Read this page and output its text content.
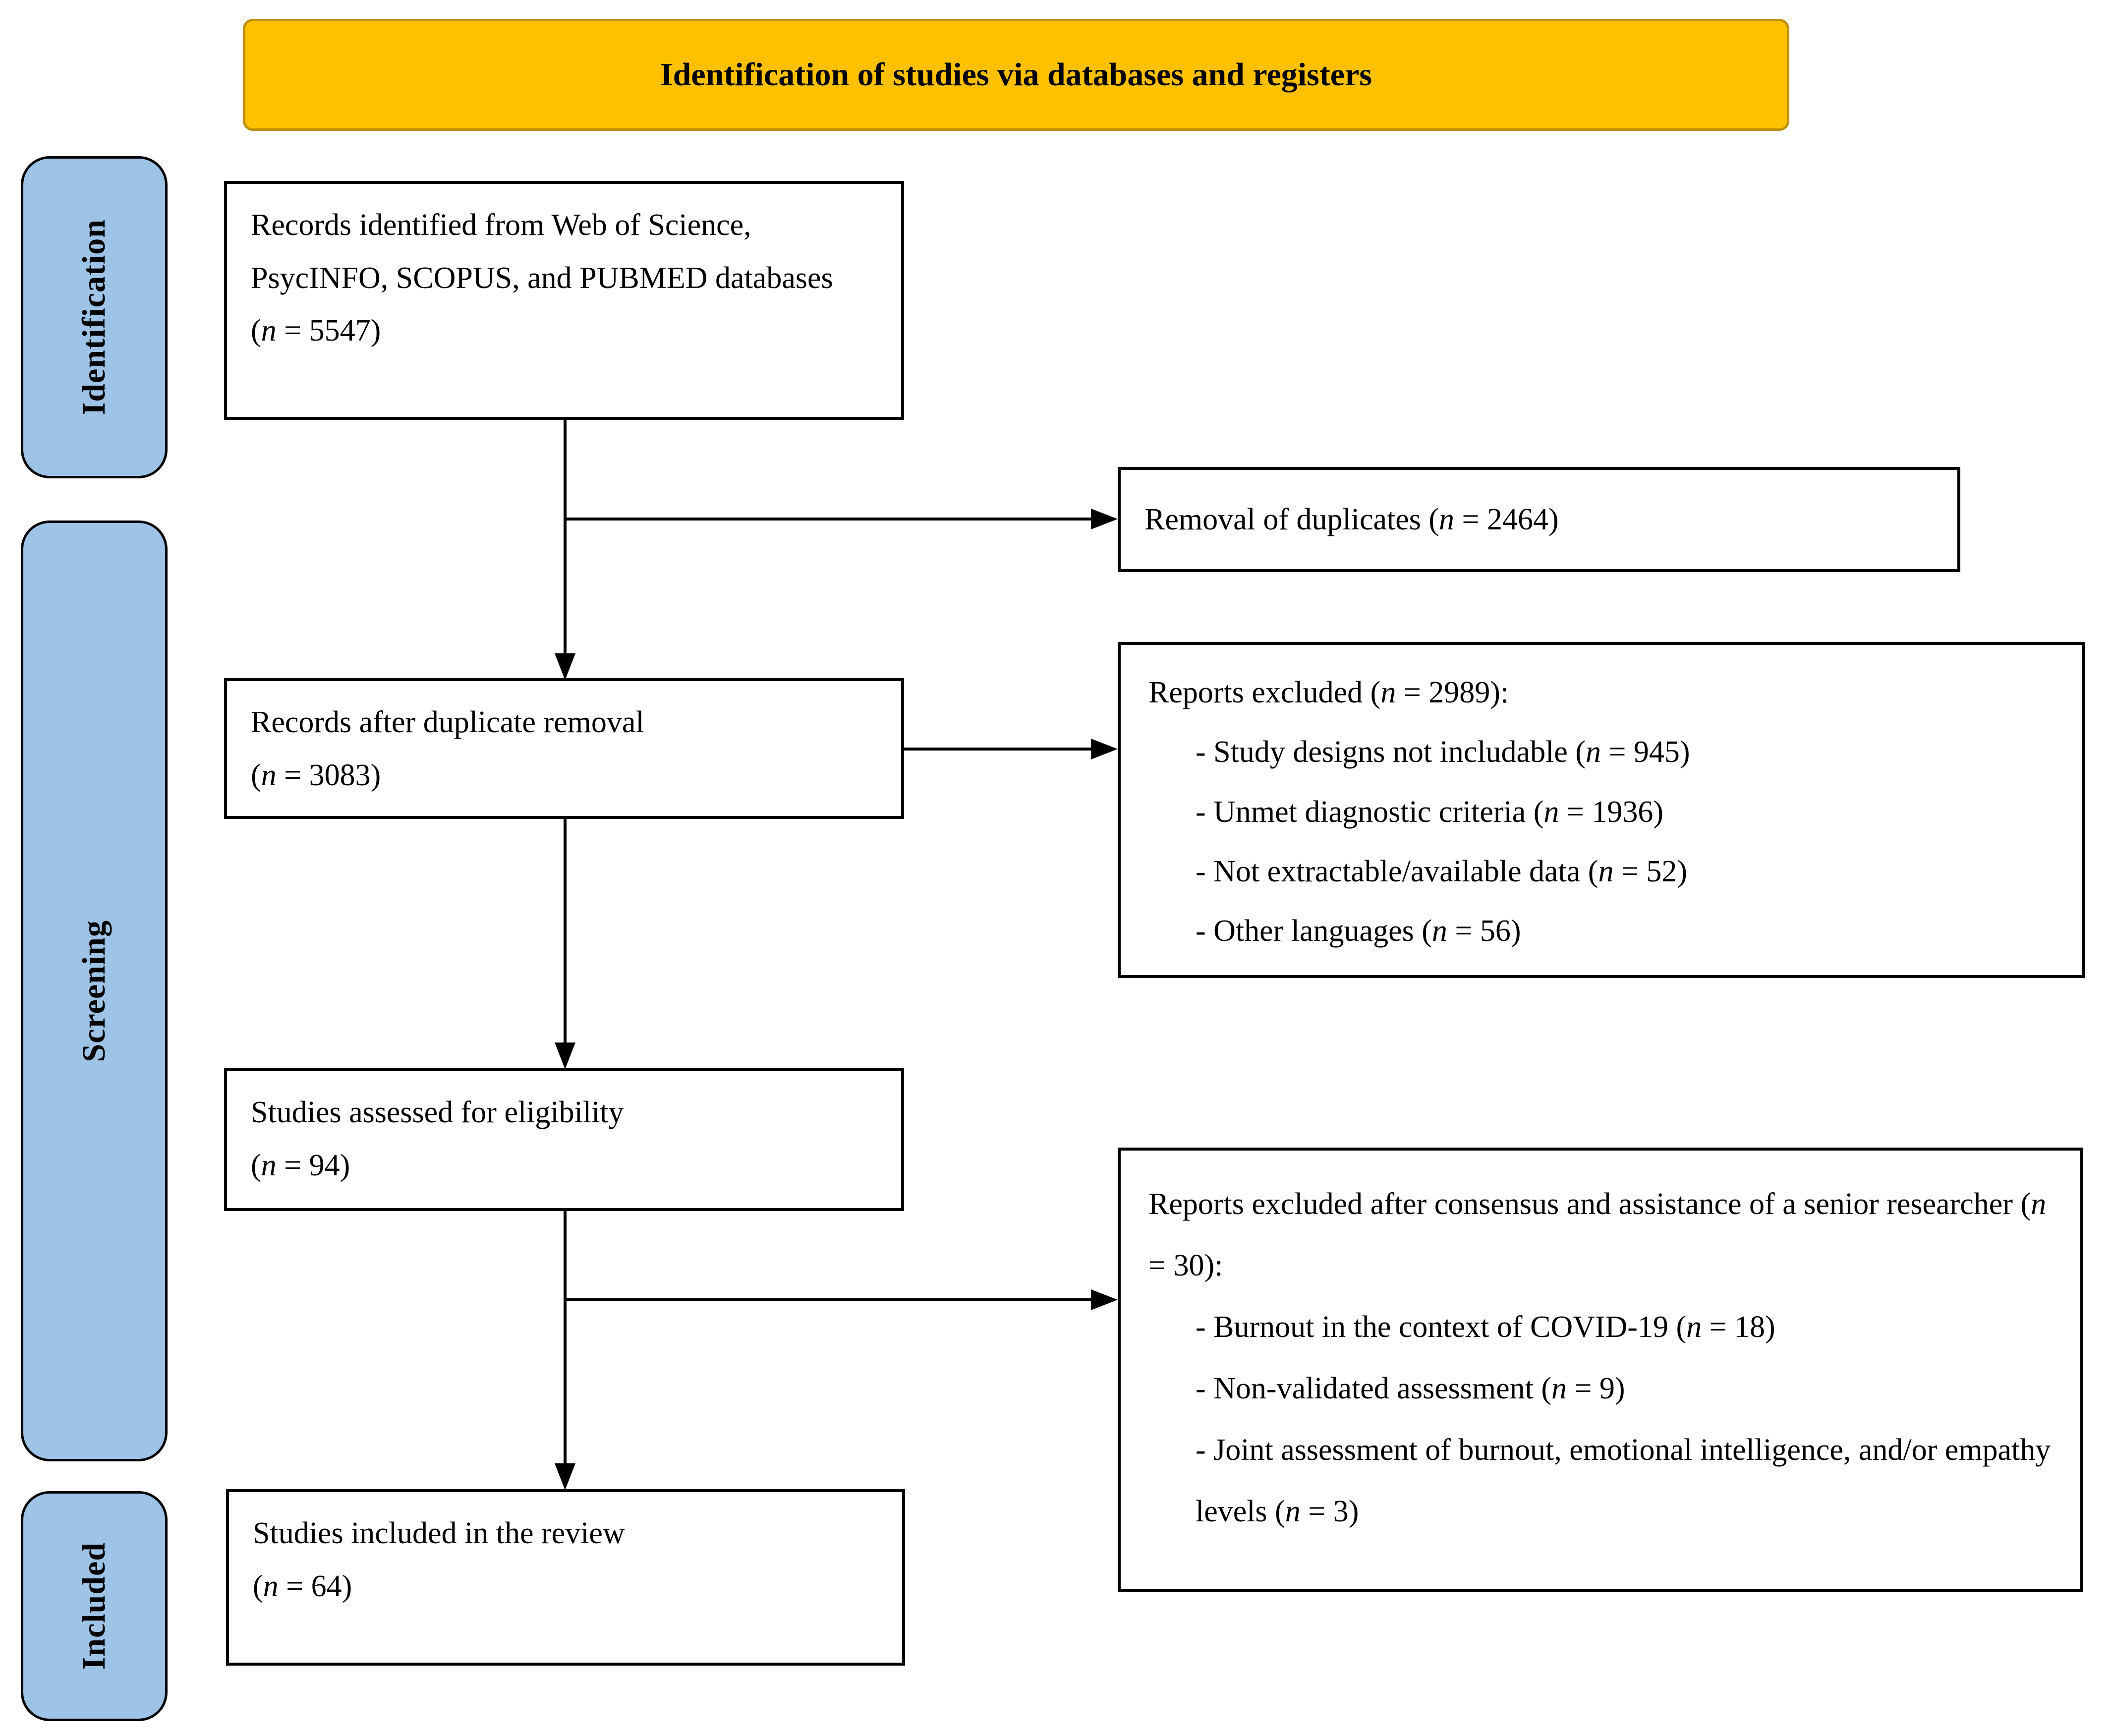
Identification of studies via databases and registers
Identification
Screening
Included
Records identified from Web of Science, PsycINFO, SCOPUS, and PUBMED databases
(n = 5547)
Removal of duplicates (n = 2464)
Records after duplicate removal
(n = 3083)
Reports excluded (n = 2989):
- Study designs not includable (n = 945)
- Unmet diagnostic criteria (n = 1936)
- Not extractable/available data (n = 52)
- Other languages (n = 56)
Studies assessed for eligibility
(n = 94)
Reports excluded after consensus and assistance of a senior researcher (n = 30):
- Burnout in the context of COVID-19 (n = 18)
- Non-validated assessment (n = 9)
- Joint assessment of burnout, emotional intelligence, and/or empathy levels (n = 3)
Studies included in the review
(n = 64)
